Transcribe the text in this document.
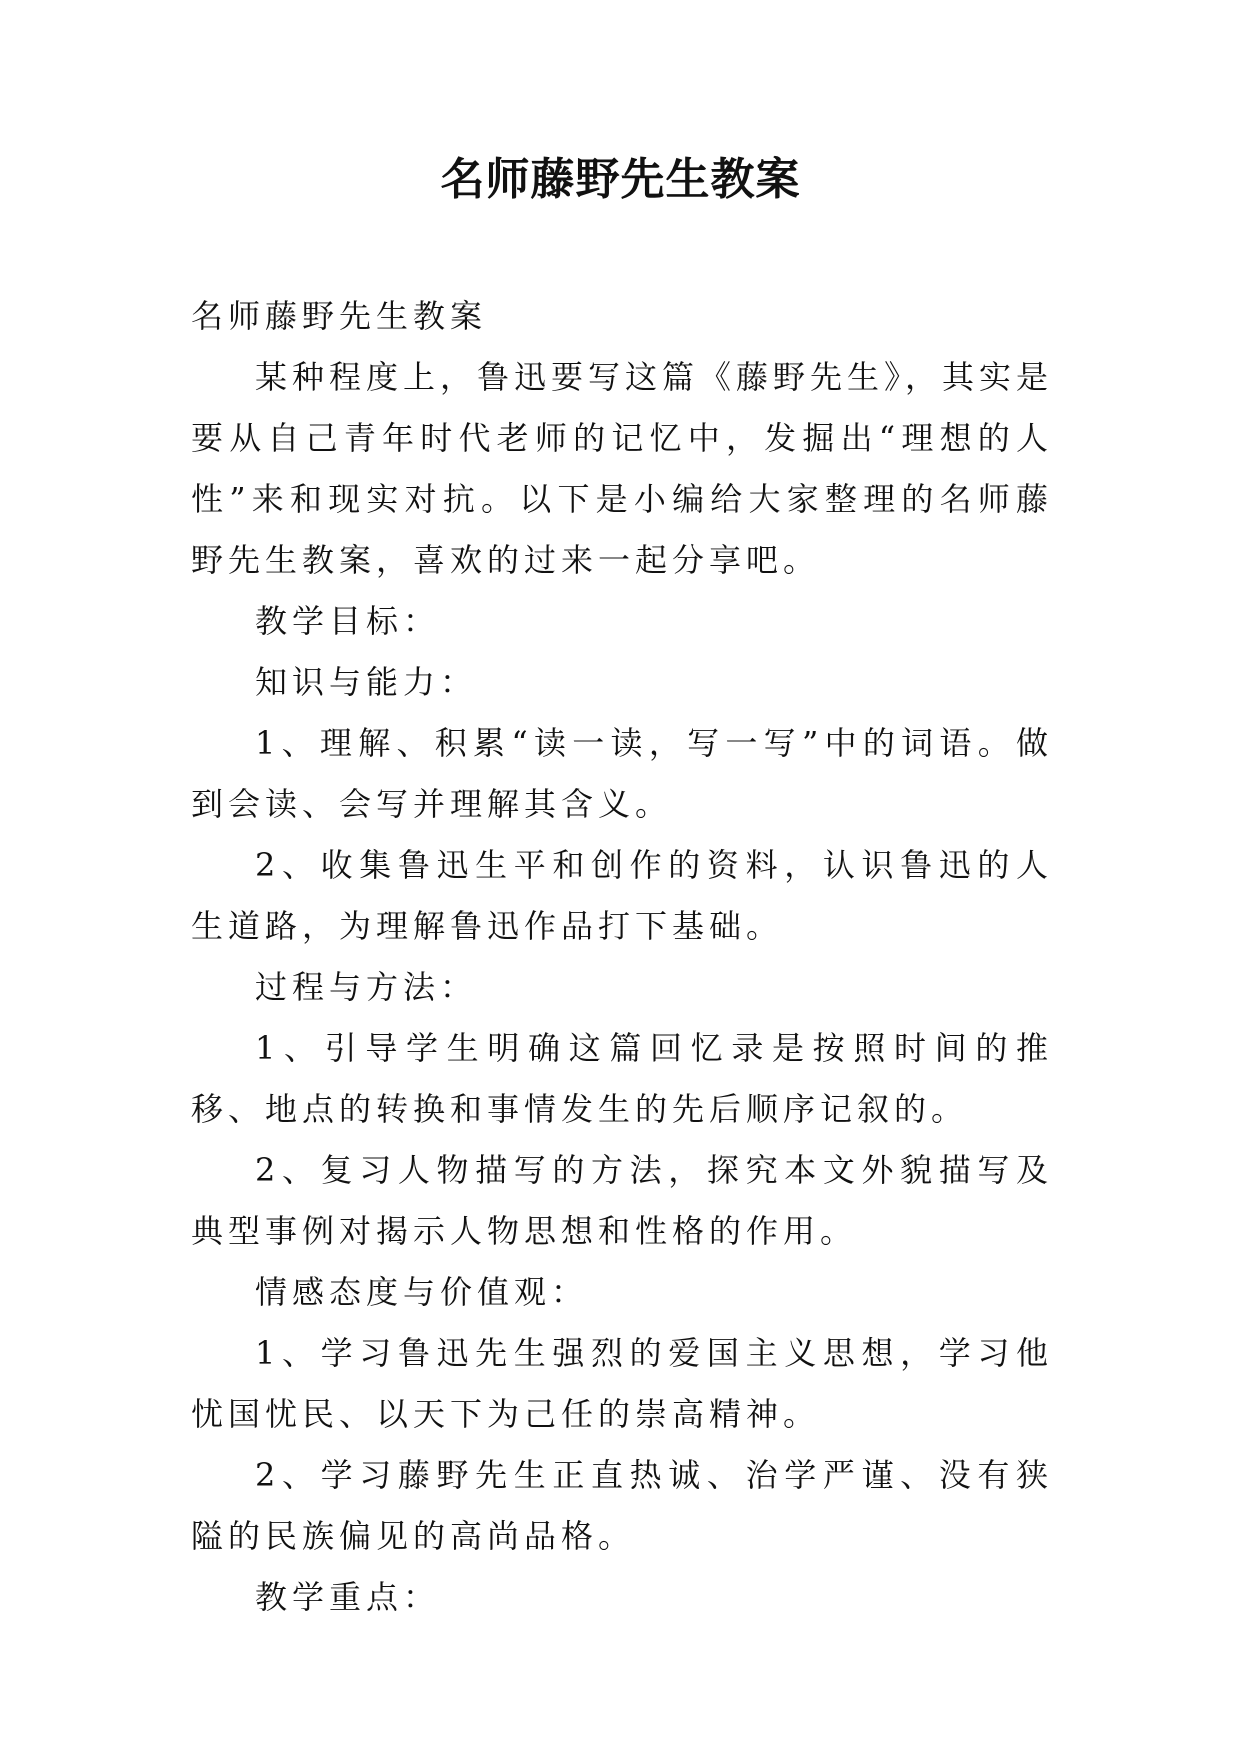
名师藤野先生教案

名师藤野先生教案

某种程度上，鲁迅要写这篇《藤野先生》，其实是要从自己青年时代老师的记忆中，发掘出“理想的人性”来和现实对抗。以下是小编给大家整理的名师藤野先生教案，喜欢的过来一起分享吧。

教学目标：

知识与能力：

1、理解、积累“读一读，写一写”中的词语。做到会读、会写并理解其含义。

2、收集鲁迅生平和创作的资料，认识鲁迅的人生道路，为理解鲁迅作品打下基础。

过程与方法：

1、引导学生明确这篇回忆录是按照时间的推移、地点的转换和事情发生的先后顺序记叙的。

2、复习人物描写的方法，探究本文外貌描写及典型事例对揭示人物思想和性格的作用。

情感态度与价值观：

1、学习鲁迅先生强烈的爱国主义思想，学习他忧国忧民、以天下为己任的崇高精神。

2、学习藤野先生正直热诚、治学严谨、没有狭隘的民族偏见的高尚品格。

教学重点：
